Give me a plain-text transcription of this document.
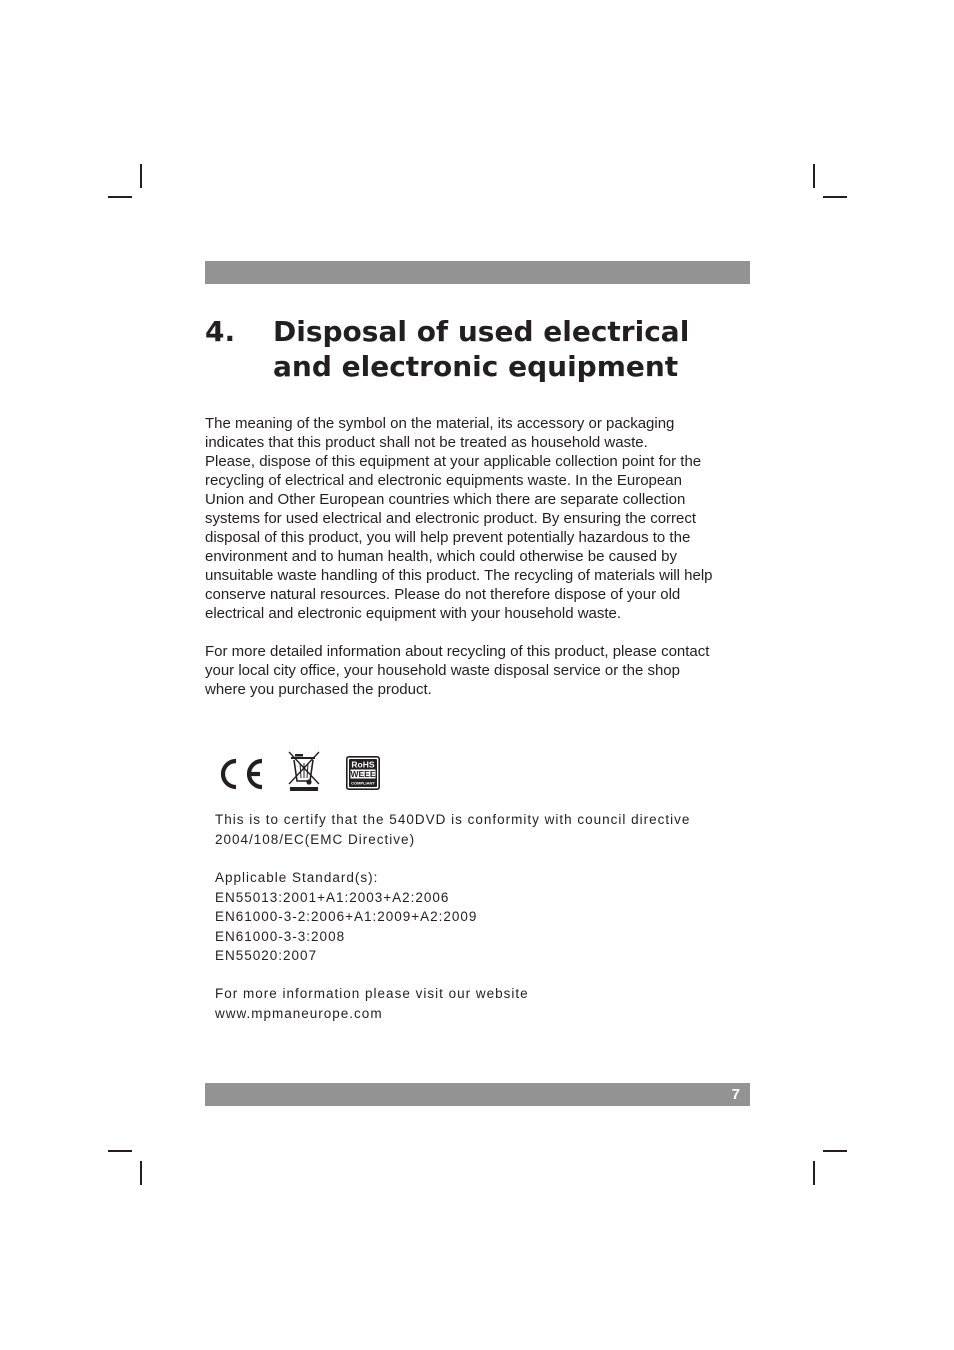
4. Disposal of used electrical
and electronic equipment
The meaning of the symbol on the material, its accessory or packaging
indicates that this product shall not be treated as household waste.
Please, dispose of this equipment at your applicable collection point for the
recycling of electrical and electronic equipments waste. In the European
Union and Other European countries which there are separate collection
systems for used electrical and electronic product. By ensuring the correct
disposal of this product, you will help prevent potentially hazardous to the
environment and to human health, which could otherwise be caused by
unsuitable waste handling of this product. The recycling of materials will help
conserve natural resources. Please do not therefore dispose of your old
electrical and electronic equipment with your household waste.
For more detailed information about recycling of this product, please contact
your local city office, your household waste disposal service or the shop
where you purchased the product.
RoHS
WEEE
COMPLIANT
This is to certify that the 540DVD is conformity with council directive
2004/108/EC(EMC Directive)
Applicable Standard(s):
EN55013:2001+A1:2003+A2:2006
EN61000-3-2:2006+A1:2009+A2:2009
EN61000-3-3:2008
EN55020:2007
For more information please visit our website
www.mpmaneurope.com
7
